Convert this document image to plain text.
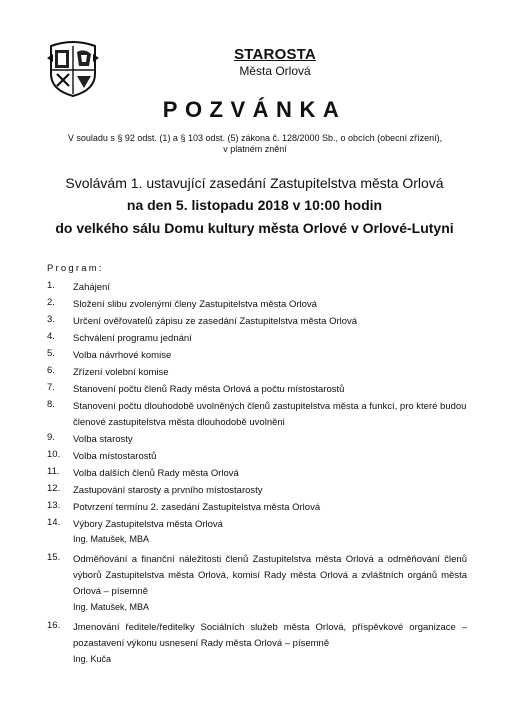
STAROSTA
Města Orlová
POZVÁNKA
V souladu s § 92 odst. (1) a § 103 odst. (5) zákona č. 128/2000 Sb., o obcích (obecní zřízení),
v platném znění
Svolávám 1. ustavující zasedání Zastupitelstva města Orlová
na den 5. listopadu 2018 v 10:00 hodin
do velkého sálu Domu kultury města Orlové v Orlové-Lutyni
Program:
1. Zahájení
2. Složení slibu zvolenými členy Zastupitelstva města Orlová
3. Určení ověřovatelů zápisu ze zasedání Zastupitelstva města Orlová
4. Schválení programu jednání
5. Volba návrhové komise
6. Zřízení volební komise
7. Stanovení počtu členů Rady města Orlová a počtu místostarostů
8. Stanovení počtu dlouhodobě uvolněných členů zastupitelstva města a funkcí, pro které budou členové zastupitelstva města dlouhodobě uvolněni
9. Volba starosty
10. Volba místostarostů
11. Volba dalších členů Rady města Orlová
12. Zastupování starosty a prvního místostarosty
13. Potvrzení termínu 2. zasedání Zastupitelstva města Orlová
14. Výbory Zastupitelstva města Orlová
Ing. Matušek, MBA
15. Odměňování a finanční náležitosti členů Zastupitelstva města Orlová a odměňování členů výborů Zastupitelstva města Orlová, komisí Rady města Orlová a zvláštních orgánů města Orlová – písemně
Ing. Matušek, MBA
16. Jmenování ředitele/ředitelky Sociálních služeb města Orlová, příspěvkové organizace – pozastavení výkonu usnesení Rady města Orlová – písemně
Ing. Kuča
